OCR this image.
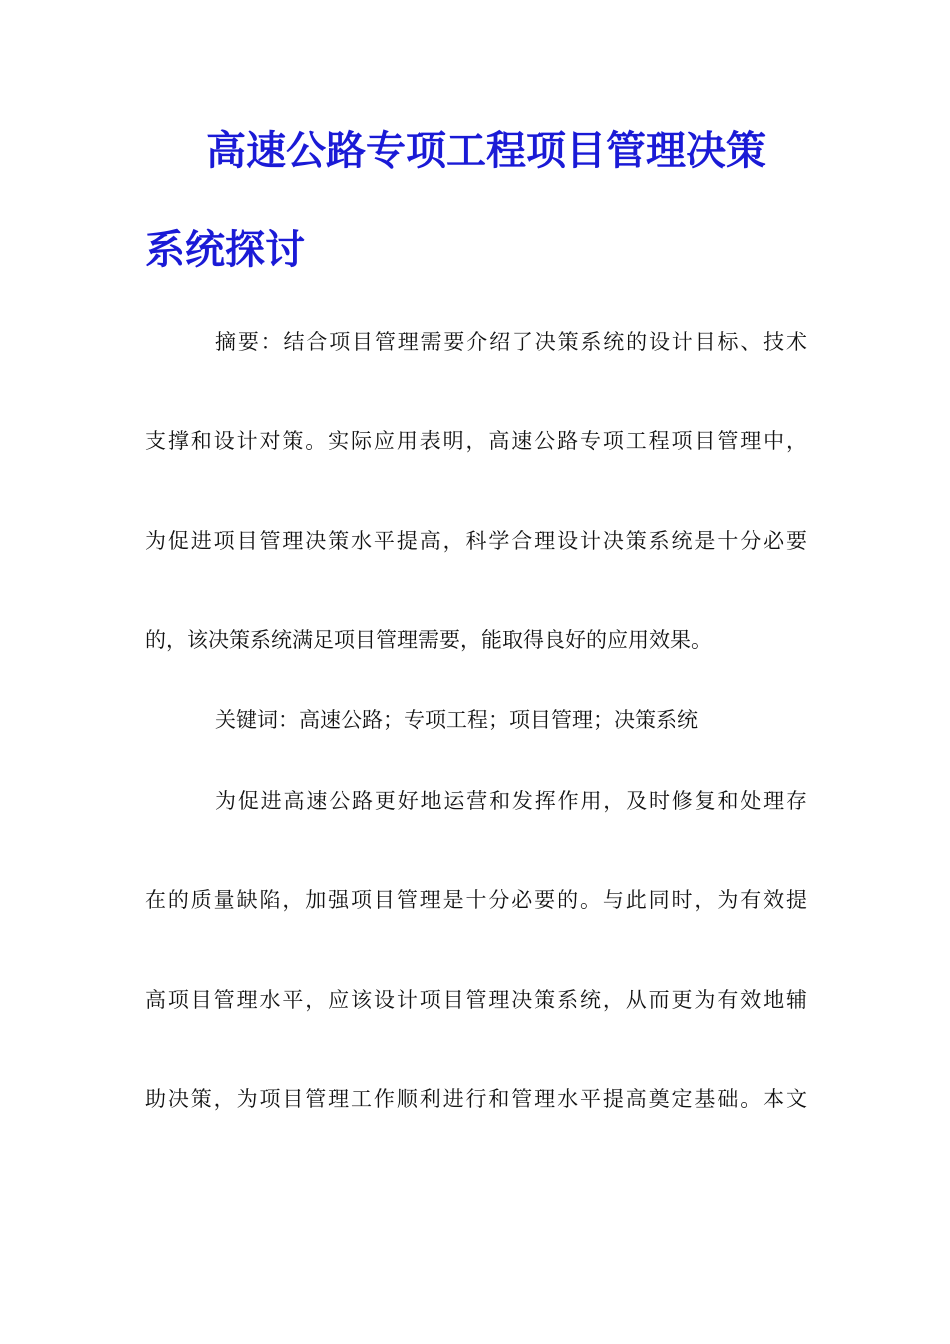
高速公路专项工程项目管理决策
系统探讨
摘要：结合项目管理需要介绍了决策系统的设计目标、技术
支撑和设计对策。实际应用表明，高速公路专项工程项目管理中，
为促进项目管理决策水平提高，科学合理设计决策系统是十分必要
的，该决策系统满足项目管理需要，能取得良好的应用效果。
关键词：高速公路；专项工程；项目管理；决策系统
为促进高速公路更好地运营和发挥作用，及时修复和处理存
在的质量缺陷，加强项目管理是十分必要的。与此同时，为有效提
高项目管理水平，应该设计项目管理决策系统，从而更为有效地辅
助决策，为项目管理工作顺利进行和管理水平提高奠定基础。本文
